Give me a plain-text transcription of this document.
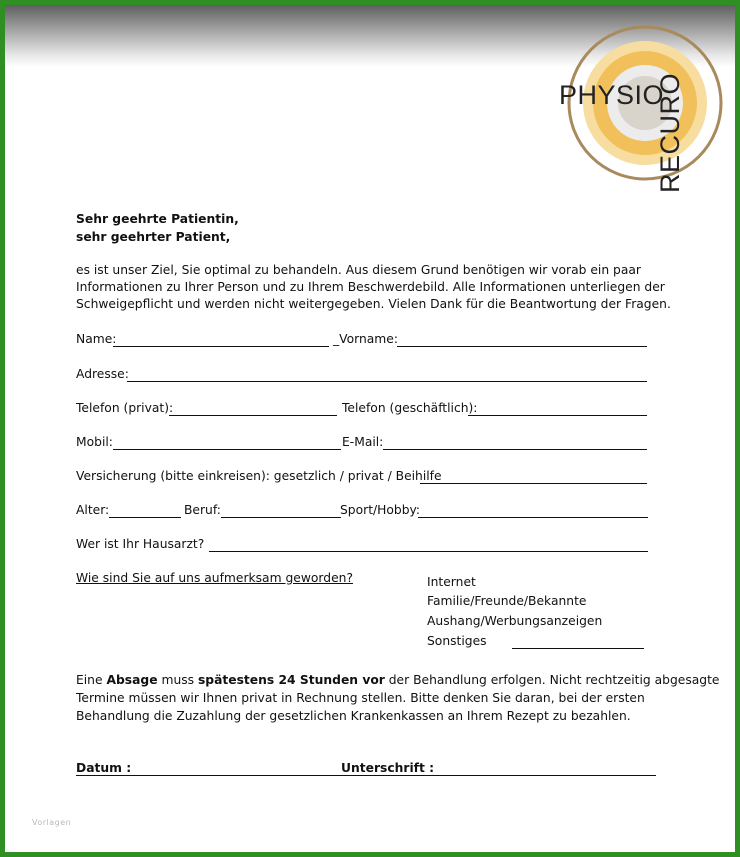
PHYSIO
RECURO
Sehr geehrte Patientin,
sehr geehrter Patient,
es ist unser Ziel, Sie optimal zu behandeln. Aus diesem Grund benötigen wir vorab ein paar
Informationen zu Ihrer Person und zu Ihrem Beschwerdebild. Alle Informationen unterliegen der
Schweigepflicht und werden nicht weitergegeben. Vielen Dank für die Beantwortung der Fragen.
Name:	_Vorname:
Adresse:
Telefon (privat):	Telefon (geschäftlich):
Mobil:	E-Mail:
Versicherung (bitte einkreisen): gesetzlich / privat / Beihilfe
Alter:	Beruf:	Sport/Hobby:
Wer ist Ihr Hausarzt?
Wie sind Sie auf uns aufmerksam geworden?	Internet
Familie/Freunde/Bekannte
Aushang/Werbungsanzeigen
Sonstiges
Eine Absage muss spätestens 24 Stunden vor der Behandlung erfolgen. Nicht rechtzeitig abgesagte
Termine müssen wir Ihnen privat in Rechnung stellen. Bitte denken Sie daran, bei der ersten
Behandlung die Zuzahlung der gesetzlichen Krankenkassen an Ihrem Rezept zu bezahlen.
Datum :	Unterschrift :
Vorlagen
